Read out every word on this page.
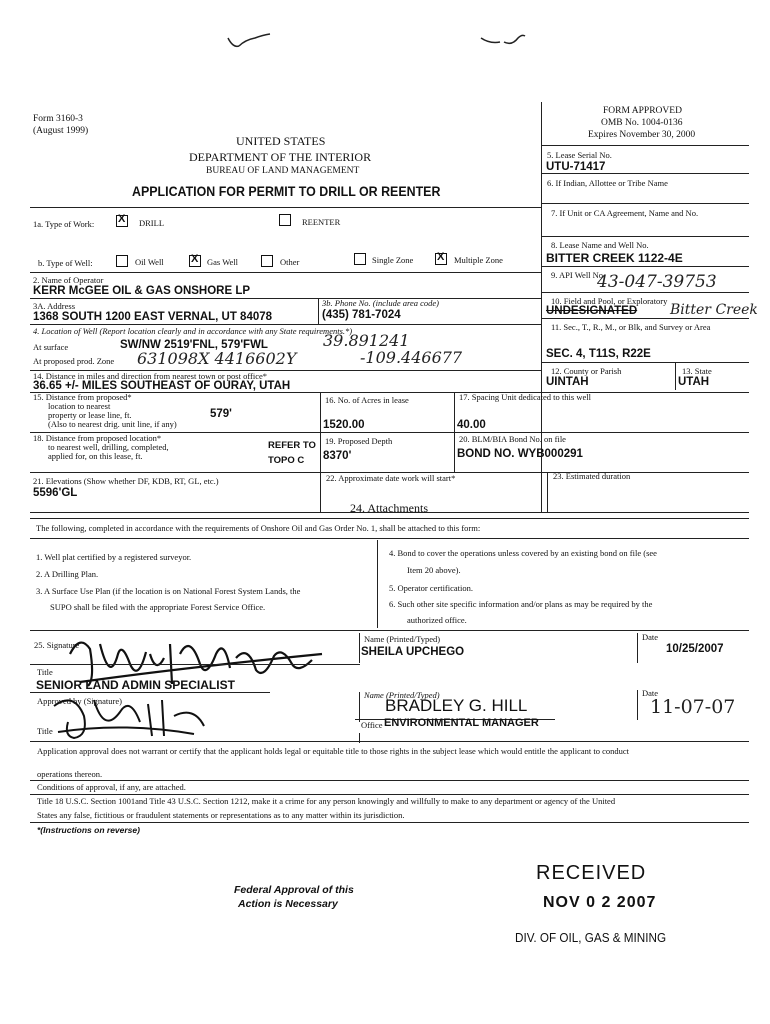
Form 3160-3
(August 1999)
UNITED STATES
DEPARTMENT OF THE INTERIOR
BUREAU OF LAND MANAGEMENT
APPLICATION FOR PERMIT TO DRILL OR REENTER
FORM APPROVED
OMB No. 1004-0136
Expires November 30, 2000
5. Lease Serial No.
UTU-71417
6. If Indian, Allottee or Tribe Name
7. If Unit or CA Agreement, Name and No.
8. Lease Name and Well No.
BITTER CREEK 1122-4E
9. API Well No.
43-047-39753
10. Field and Pool, or Exploratory
UNDESIGNATED Bitter Creek
11. Sec., T., R., M., or Blk, and Survey or Area
SEC. 4, T11S, R22E
12. County or Parish
UINTAH
13. State
UTAH
1a. Type of Work: X	DRILL	REENTER
b. Type of Well:	Oil Well X	Gas Well	Other	Single Zone X	Multiple Zone
2. Name of Operator
KERR McGEE OIL & GAS ONSHORE LP
3A. Address
1368 SOUTH 1200 EAST VERNAL, UT 84078
3b. Phone No. (include area code)
(435) 781-7024
4. Location of Well (Report location clearly and in accordance with any State requirements.*)
At surface	SW/NW 2519'FNL, 579'FWL	39.891241
At proposed prod. Zone 631098X 4416602Y	-109.446677
14. Distance in miles and direction from nearest town or post office*
36.65 +/- MILES SOUTHEAST OF OURAY, UTAH
15. Distance from proposed*
location to nearest
property or lease line, ft.
(Also to nearest drig. unit line, if any)
579'
16. No. of Acres in lease
1520.00
17. Spacing Unit dedicated to this well
40.00
18. Distance from proposed location*
to nearest well, drilling, completed,
applied for, on this lease, ft.
REFER TO
TOPO C
19. Proposed Depth
8370'
20. BLM/BIA Bond No. on file
BOND NO. WYB000291
21. Elevations (Show whether DF, KDB, RT, GL, etc.)
5596'GL
22. Approximate date work will start*	23. Estimated duration
24. Attachments
The following, completed in accordance with the requirements of Onshore Oil and Gas Order No. 1, shall be attached to this form:
1. Well plat certified by a registered surveyor.
2. A Drilling Plan.
3. A Surface Use Plan (if the location is on National Forest System Lands, the
SUPO shall be filed with the appropriate Forest Service Office.
4. Bond to cover the operations unless covered by an existing bond on file (see
Item 20 above).
5. Operator certification.
6. Such other site specific information and/or plans as may be required by the
authorized office.
25. Signature
Name (Printed/Typed)
SHEILA UPCHEGO
Date
10/25/2007
Title
SENIOR LAND ADMIN SPECIALIST
Approved by (Signature)
Name (Printed/Typed)
BRADLEY G. HILL
Date
11-07-07
Title
Office ENVIRONMENTAL MANAGER
Application approval does not warrant or certify that the applicant holds legal or equitable title to those rights in the subject lease which would entitle the applicant to conduct
operations thereon.
Conditions of approval, if any, are attached.
Title 18 U.S.C. Section 1001and Title 43 U.S.C. Section 1212, make it a crime for any person knowingly and willfully to make to any department or agency of the United
States any false, fictitious or fraudulent statements or representations as to any matter within its jurisdiction.
*(Instructions on reverse)
Federal Approval of this
Action is Necessary
RECEIVED
NOV 0 2 2007
DIV. OF OIL, GAS & MINING
